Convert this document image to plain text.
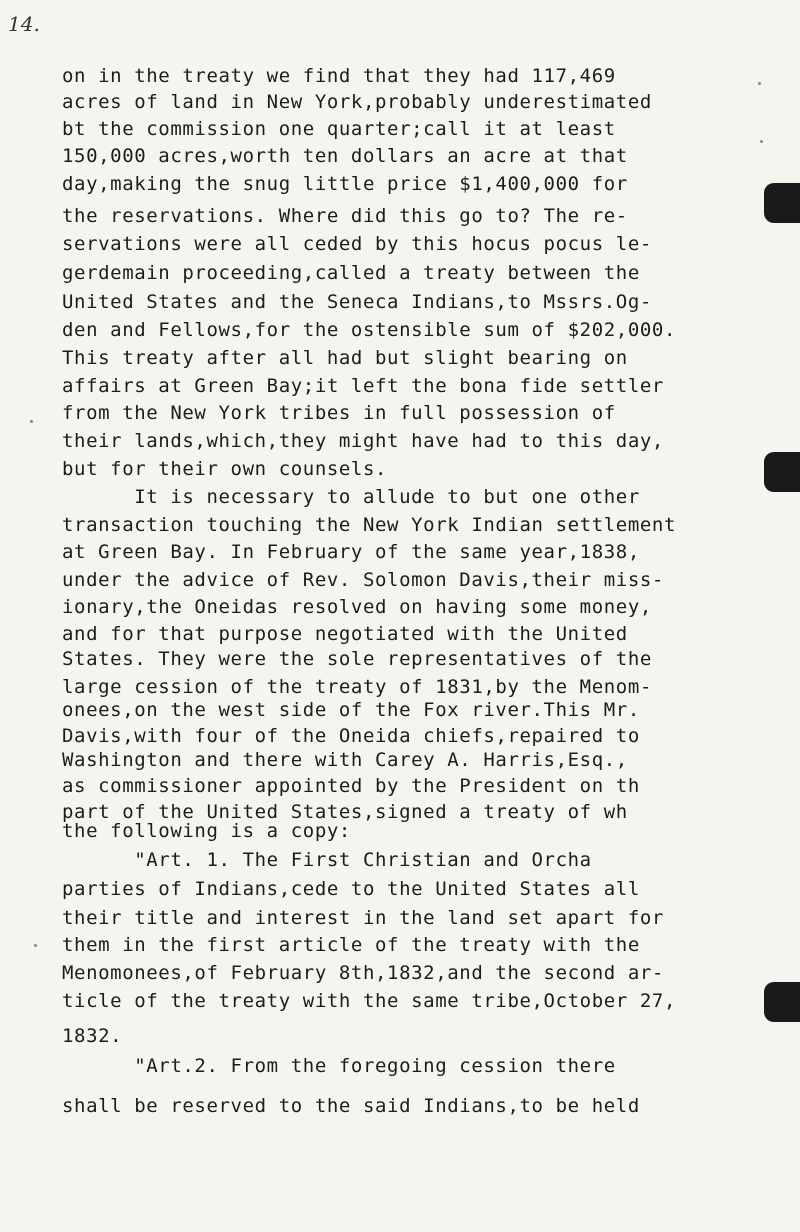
14.
on in the treaty we find that they had 117,469
acres of land in New York,probably underestimated
bt the commission one quarter;call it at least
150,000 acres,worth ten dollars an acre at that
day,making the snug little price $1,400,000 for
the reservations. Where did this go to? The re-
servations were all ceded by this hocus pocus le-
gerdemain proceeding,called a treaty between the
United States and the Seneca Indians,to Mssrs.Og-
den and Fellows,for the ostensible sum of $202,000.
This treaty after all had but slight bearing on
affairs at Green Bay;it left the bona fide settler
from the New York tribes in full possession of
their lands,which,they might have had to this day,
but for their own counsels.
It is necessary to allude to but one other
transaction touching the New York Indian settlement
at Green Bay. In February of the same year,1838,
under the advice of Rev. Solomon Davis,their miss-
ionary,the Oneidas resolved on having some money,
and for that purpose negotiated with the United
States. They were the sole representatives of the
large cession of the treaty of 1831,by the Menom-
onees,on the west side of the Fox river.This Mr.
Davis,with four of the Oneida chiefs,repaired to
Washington and there with Carey A. Harris,Esq.,
as commissioner appointed by the President on th
part of the United States,signed a treaty of wh
the following is a copy:
"Art. 1. The First Christian and Orcha
parties of Indians,cede to the United States all
their title and interest in the land set apart for
them in the first article of the treaty with the
Menomonees,of February 8th,1832,and the second ar-
ticle of the treaty with the same tribe,October 27,
1832.
"Art.2. From the foregoing cession there
shall be reserved to the said Indians,to be held
